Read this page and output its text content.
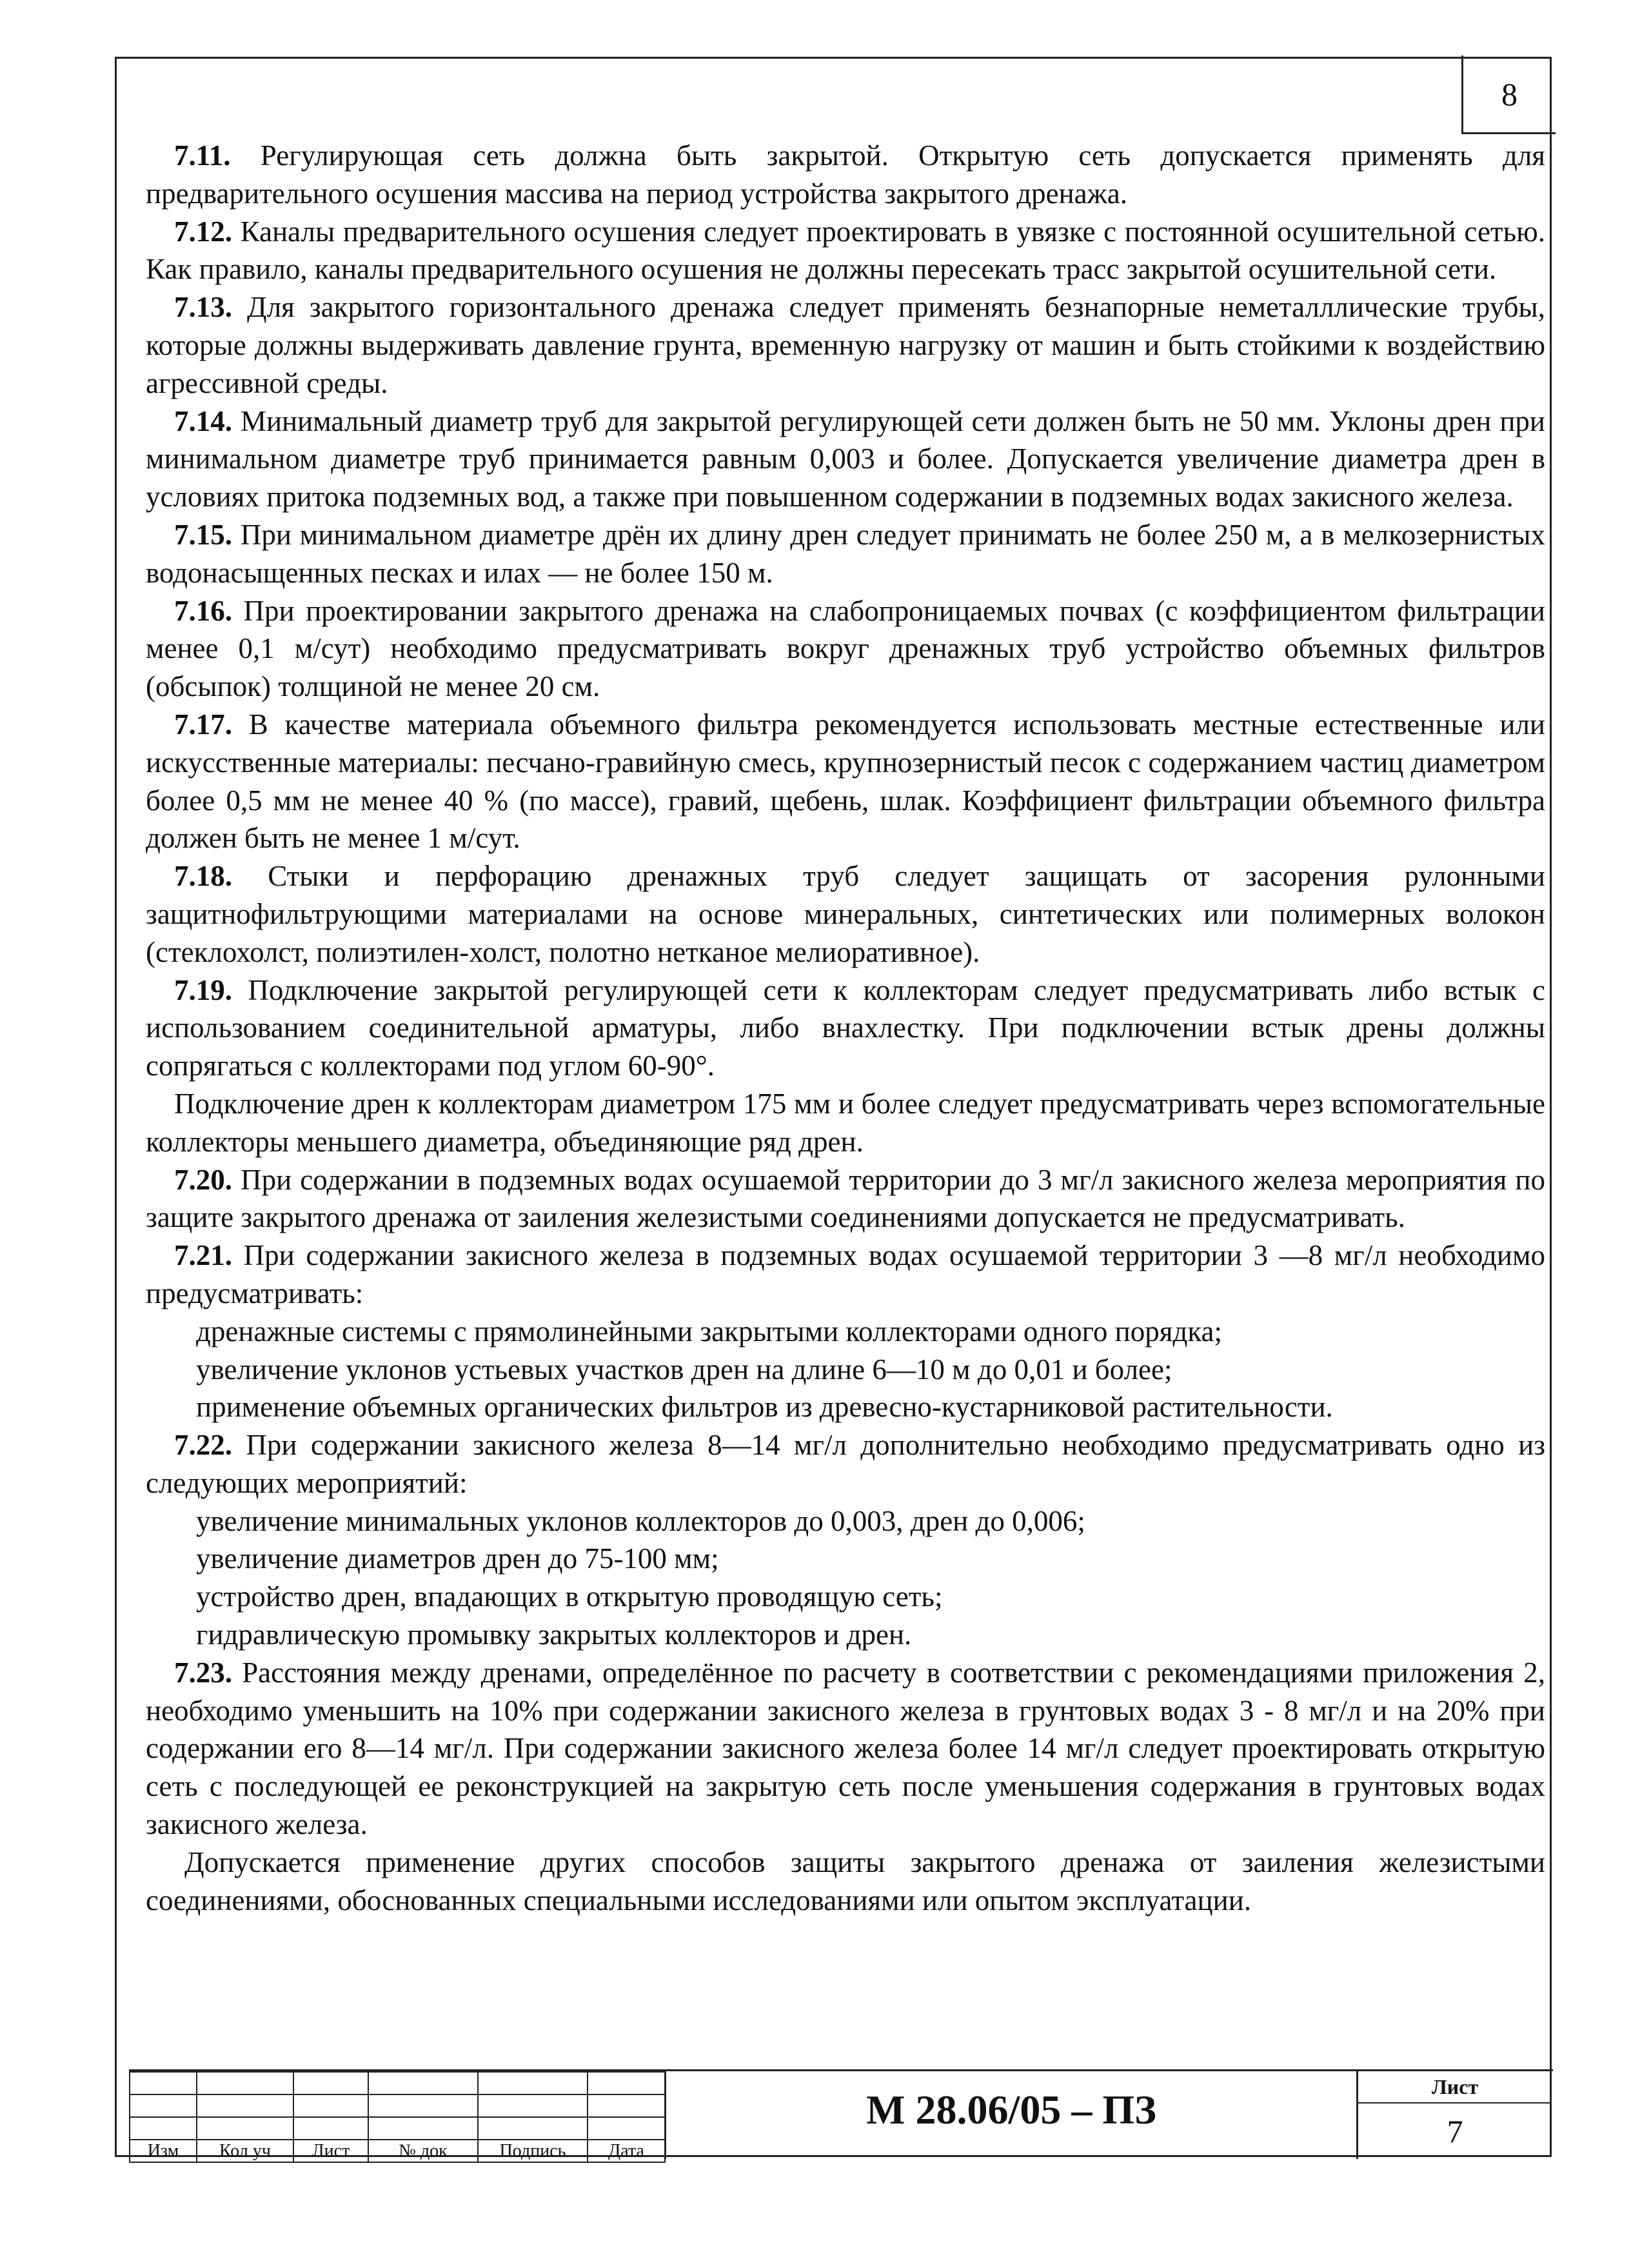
8

7.11. Регулирующая сеть должна быть закрытой. Открытую сеть допускается применять для предварительного осушения массива на период устройства закрытого дренажа.

7.12. Каналы предварительного осушения следует проектировать в увязке с постоянной осушительной сетью. Как правило, каналы предварительного осушения не должны пересекать трасс закрытой осушительной сети.

7.13. Для закрытого горизонтального дренажа следует применять безнапорные неметалллические трубы, которые должны выдерживать давление грунта, временную нагрузку от машин и быть стойкими к воздействию агрессивной среды.

7.14. Минимальный диаметр труб для закрытой регулирующей сети должен быть не 50 мм. Уклоны дрен при минимальном диаметре труб принимается равным 0,003 и более. Допускается увеличение диаметра дрен в условиях притока подземных вод, а также при повышенном содержании в подземных водах закисного железа.

7.15. При минимальном диаметре дрён их длину дрен следует принимать не более 250 м, а в мелкозернистых водонасыщенных песках и илах — не более 150 м.

7.16. При проектировании закрытого дренажа на слабопроницаемых почвах (с коэффициентом фильтрации менее 0,1 м/сут) необходимо предусматривать вокруг дренажных труб устройство объемных фильтров (обсыпок) толщиной не менее 20 см.

7.17. В качестве материала объемного фильтра рекомендуется использовать местные естественные или искусственные материалы: песчано-гравийную смесь, крупнозернистый песок с содержанием частиц диаметром более 0,5 мм не менее 40 % (по массе), гравий, щебень, шлак. Коэффициент фильтрации объемного фильтра должен быть не менее 1 м/сут.

7.18. Стыки и перфорацию дренажных труб следует защищать от засорения рулонными защитнофильтрующими материалами на основе минеральных, синтетических или полимерных волокон (стеклохолст, полиэтилен-холст, полотно нетканое мелиоративное).

7.19. Подключение закрытой регулирующей сети к коллекторам следует предусматривать либо встык с использованием соединительной арматуры, либо внахлестку. При подключении встык дрены должны сопрягаться с коллекторами под углом 60-90°.

Подключение дрен к коллекторам диаметром 175 мм и более следует предусматривать через вспомогательные коллекторы меньшего диаметра, объединяющие ряд дрен.

7.20. При содержании в подземных водах осушаемой территории до 3 мг/л закисного железа мероприятия по защите закрытого дренажа от заиления железистыми соединениями допускается не предусматривать.

7.21. При содержании закисного железа в подземных водах осушаемой территории 3 —8 мг/л необходимо предусматривать:

дренажные системы с прямолинейными закрытыми коллекторами одного порядка;

увеличение уклонов устьевых участков дрен на длине 6—10 м до 0,01 и более;

применение объемных органических фильтров из древесно-кустарниковой растительности.

7.22. При содержании закисного железа 8—14 мг/л дополнительно необходимо предусматривать одно из следующих мероприятий:

увеличение минимальных уклонов коллекторов до 0,003, дрен до 0,006;

увеличение диаметров дрен до 75-100 мм;

устройство дрен, впадающих в открытую проводящую сеть;

гидравлическую промывку закрытых коллекторов и дрен.

7.23. Расстояния между дренами, определённое по расчету в соответствии с рекомендациями приложения 2, необходимо уменьшить на 10% при содержании закисного железа в грунтовых водах 3 - 8 мг/л и на 20% при содержании его 8—14 мг/л. При содержании закисного железа более 14 мг/л следует проектировать открытую сеть с последующей ее реконструкцией на закрытую сеть после уменьшения содержания в грунтовых водах закисного железа.

Допускается применение других способов защиты закрытого дренажа от заиления железистыми соединениями, обоснованных специальными исследованиями или опытом эксплуатации.

Изм	Кол уч	Лист	№ док	Подпись	Дата
М 28.06/05 – ПЗ
Лист
7
